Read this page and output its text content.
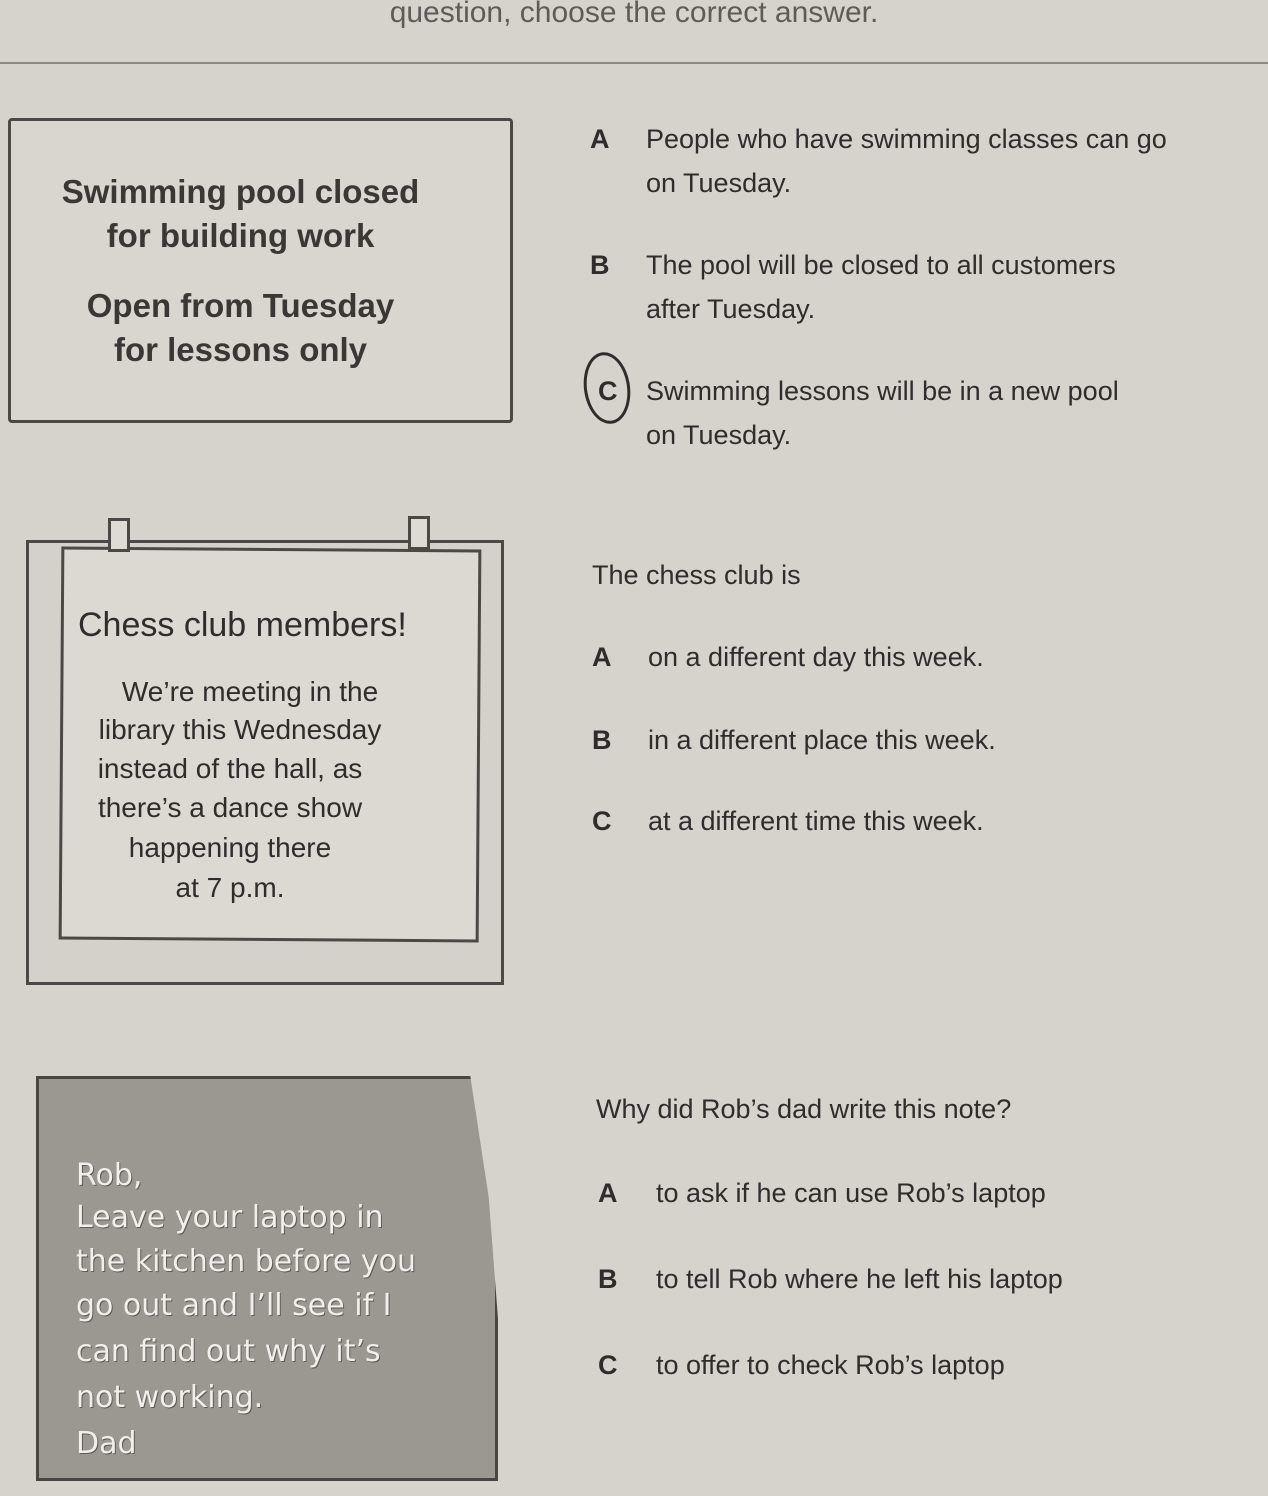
question, choose the correct answer.
Swimming pool closed
for building work
Open from Tuesday
for lessons only
A People who have swimming classes can go
on Tuesday.
B The pool will be closed to all customers
after Tuesday.
C Swimming lessons will be in a new pool
on Tuesday.
Chess club members!
We’re meeting in the
library this Wednesday
instead of the hall, as
there’s a dance show
happening there
at 7 p.m.
The chess club is
A on a different day this week.
B in a different place this week.
C at a different time this week.
Rob,
Leave your laptop in
the kitchen before you
go out and I’ll see if I
can find out why it’s
not working.
Dad
Why did Rob’s dad write this note?
A to ask if he can use Rob’s laptop
B to tell Rob where he left his laptop
C to offer to check Rob’s laptop
